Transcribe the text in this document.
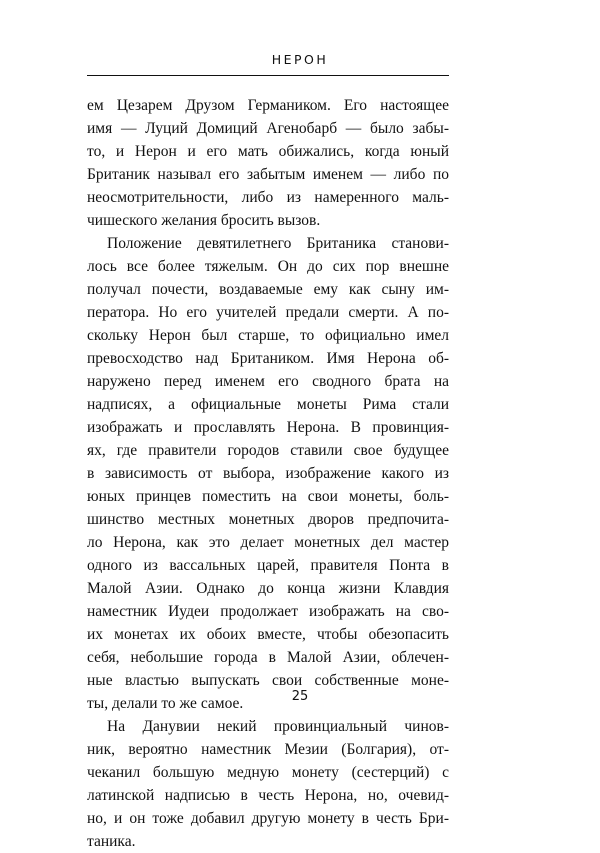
НЕРОН
ем Цезарем Друзом Германиком. Его настоящее
имя — Луций Домиций Агенобарб — было забы-
то, и Нерон и его мать обижались, когда юный
Британик называл его забытым именем — либо по
неосмотрительности, либо из намеренного маль-
чишеского желания бросить вызов.
Положение девятилетнего Британика станови-
лось все более тяжелым. Он до сих пор внешне
получал почести, воздаваемые ему как сыну им-
ператора. Но его учителей предали смерти. А по-
скольку Нерон был старше, то официально имел
превосходство над Британиком. Имя Нерона об-
наружено перед именем его сводного брата на
надписях, а официальные монеты Рима стали
изображать и прославлять Нерона. В провинция-
ях, где правители городов ставили свое будущее
в зависимость от выбора, изображение какого из
юных принцев поместить на свои монеты, боль-
шинство местных монетных дворов предпочита-
ло Нерона, как это делает монетных дел мастер
одного из вассальных царей, правителя Понта в
Малой Азии. Однако до конца жизни Клавдия
наместник Иудеи продолжает изображать на сво-
их монетах их обоих вместе, чтобы обезопасить
себя, небольшие города в Малой Азии, облечен-
ные властью выпускать свои собственные моне-
ты, делали то же самое.
На Данувии некий провинциальный чинов-
ник, вероятно наместник Мезии (Болгария), от-
чеканил большую медную монету (сестерций) с
латинской надписью в честь Нерона, но, очевид-
но, и он тоже добавил другую монету в честь Бри-
таника.
25
